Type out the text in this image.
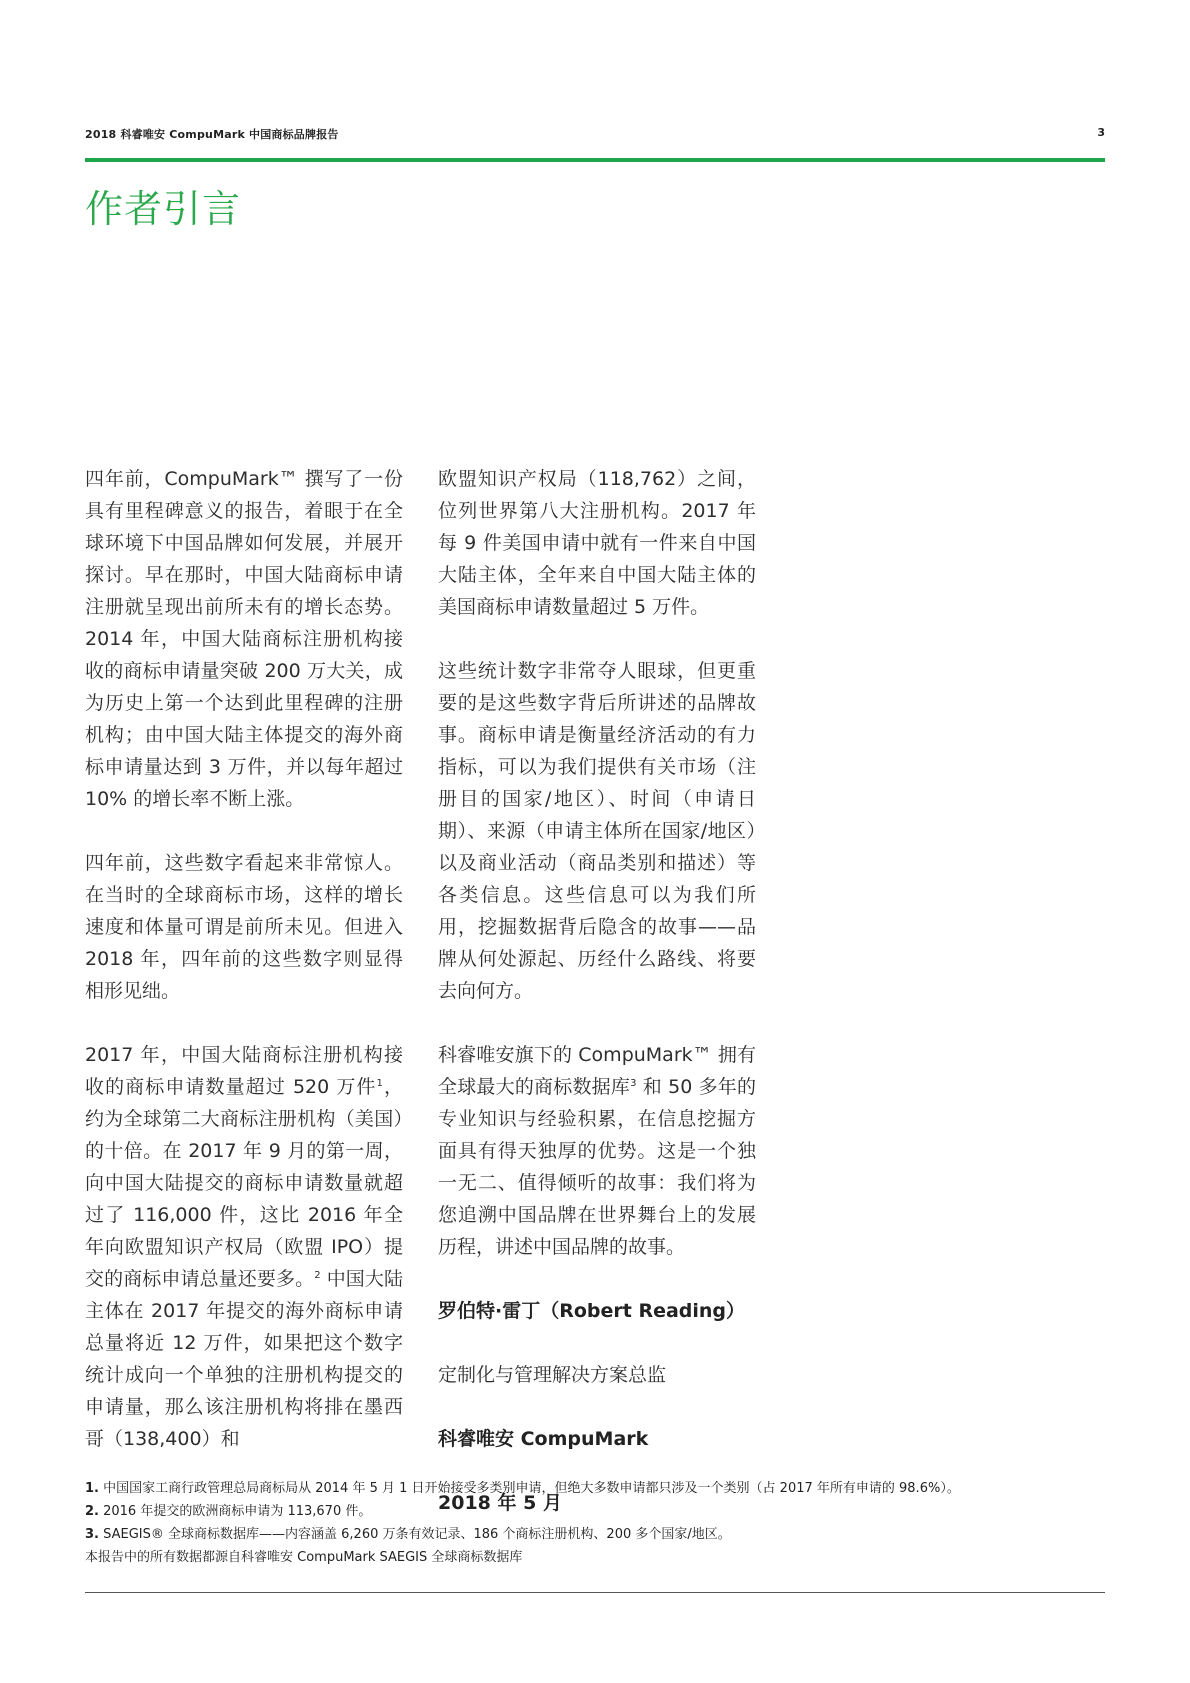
2018 科睿唯安 CompuMark 中国商标品牌报告	3
作者引言

四年前，CompuMark™ 撰写了一份具有里程碑意义的报告，着眼于在全球环境下中国品牌如何发展，并展开探讨。早在那时，中国大陆商标申请注册就呈现出前所未有的增长态势。2014 年，中国大陆商标注册机构接收的商标申请量突破 200 万大关，成为历史上第一个达到此里程碑的注册机构；由中国大陆主体提交的海外商标申请量达到 3 万件，并以每年超过 10% 的增长率不断上涨。

四年前，这些数字看起来非常惊人。在当时的全球商标市场，这样的增长速度和体量可谓是前所未见。但进入 2018 年，四年前的这些数字则显得相形见绌。

2017 年，中国大陆商标注册机构接收的商标申请数量超过 520 万件$^1$，约为全球第二大商标注册机构（美国）的十倍。在 2017 年 9 月的第一周，向中国大陆提交的商标申请数量就超过了 116,000 件，这比 2016 年全年向欧盟知识产权局（欧盟 IPO）提交的商标申请总量还要多。$^2$ 中国大陆主体在 2017 年提交的海外商标申请总量将近 12 万件，如果把这个数字统计成向一个单独的注册机构提交的申请量，那么该注册机构将排在墨西哥（138,400）和

欧盟知识产权局（118,762）之间，位列世界第八大注册机构。2017 年每 9 件美国申请中就有一件来自中国大陆主体，全年来自中国大陆主体的美国商标申请数量超过 5 万件。

这些统计数字非常夺人眼球，但更重要的是这些数字背后所讲述的品牌故事。商标申请是衡量经济活动的有力指标，可以为我们提供有关市场（注册目的国家/地区）、时间（申请日期）、来源（申请主体所在国家/地区）以及商业活动（商品类别和描述）等各类信息。这些信息可以为我们所用，挖掘数据背后隐含的故事——品牌从何处源起、历经什么路线、将要去向何方。

科睿唯安旗下的 CompuMark™ 拥有全球最大的商标数据库$^3$ 和 50 多年的专业知识与经验积累，在信息挖掘方面具有得天独厚的优势。这是一个独一无二、值得倾听的故事：我们将为您追溯中国品牌在世界舞台上的发展历程，讲述中国品牌的故事。

罗伯特·雷丁（Robert Reading）

定制化与管理解决方案总监

科睿唯安 CompuMark

2018 年 5 月

1. 中国国家工商行政管理总局商标局从 2014 年 5 月 1 日开始接受多类别申请，但绝大多数申请都只涉及一个类别（占 2017 年所有申请的 98.6%）。
2. 2016 年提交的欧洲商标申请为 113,670 件。
3. SAEGIS® 全球商标数据库——内容涵盖 6,260 万条有效记录、186 个商标注册机构、200 多个国家/地区。
本报告中的所有数据都源自科睿唯安 CompuMark SAEGIS 全球商标数据库
